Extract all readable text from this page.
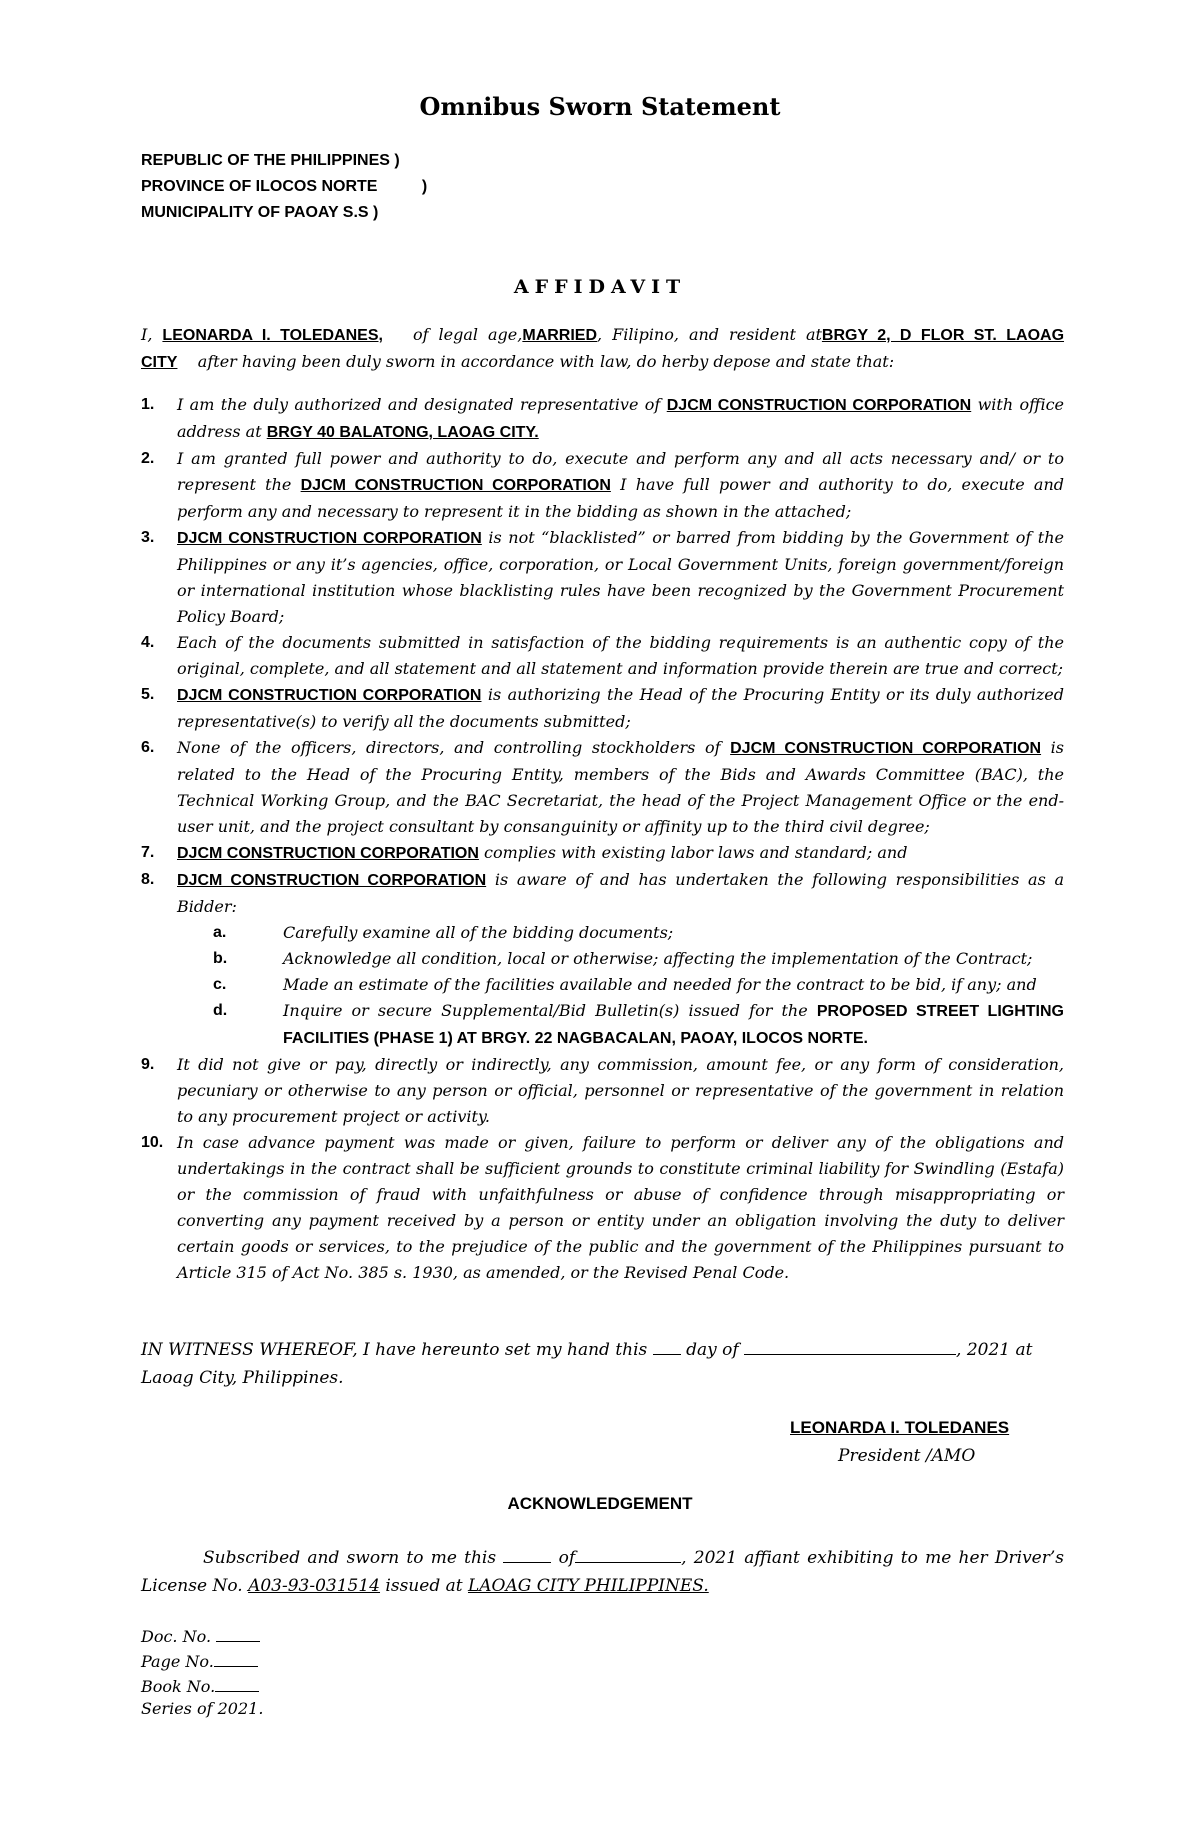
Omnibus Sworn Statement
REPUBLIC OF THE PHILIPPINES )
PROVINCE OF ILOCOS NORTE          )
MUNICIPALITY OF PAOAY S.S )
AFFIDAVIT
I, LEONARDA I. TOLEDANES, of legal age,MARRIED, Filipino, and resident atBRGY 2, D FLOR ST. LAOAG CITY after having been duly sworn in accordance with law, do herby depose and state that:
1. I am the duly authorized and designated representative of DJCM CONSTRUCTION CORPORATION with office address at BRGY 40 BALATONG, LAOAG CITY.
2. I am granted full power and authority to do, execute and perform any and all acts necessary and/ or to represent the DJCM CONSTRUCTION CORPORATION I have full power and authority to do, execute and perform any and necessary to represent it in the bidding as shown in the attached;
3. DJCM CONSTRUCTION CORPORATION is not “blacklisted” or barred from bidding by the Government of the Philippines or any it’s agencies, office, corporation, or Local Government Units, foreign government/foreign or international institution whose blacklisting rules have been recognized by the Government Procurement Policy Board;
4. Each of the documents submitted in satisfaction of the bidding requirements is an authentic copy of the original, complete, and all statement and all statement and information provide therein are true and correct;
5. DJCM CONSTRUCTION CORPORATION is authorizing the Head of the Procuring Entity or its duly authorized representative(s) to verify all the documents submitted;
6. None of the officers, directors, and controlling stockholders of DJCM CONSTRUCTION CORPORATION is related to the Head of the Procuring Entity, members of the Bids and Awards Committee (BAC), the Technical Working Group, and the BAC Secretariat, the head of the Project Management Office or the end-user unit, and the project consultant by consanguinity or affinity up to the third civil degree;
7. DJCM CONSTRUCTION CORPORATION complies with existing labor laws and standard; and
8. DJCM CONSTRUCTION CORPORATION is aware of and has undertaken the following responsibilities as a Bidder:
a.	Carefully examine all of the bidding documents;
b.	Acknowledge all condition, local or otherwise; affecting the implementation of the Contract;
c.	Made an estimate of the facilities available and needed for the contract to be bid, if any; and
d.	Inquire or secure Supplemental/Bid Bulletin(s) issued for the PROPOSED STREET LIGHTING FACILITIES (PHASE 1) AT BRGY. 22 NAGBACALAN, PAOAY, ILOCOS NORTE.
9. It did not give or pay, directly or indirectly, any commission, amount fee, or any form of consideration, pecuniary or otherwise to any person or official, personnel or representative of the government in relation to any procurement project or activity.
10. In case advance payment was made or given, failure to perform or deliver any of the obligations and undertakings in the contract shall be sufficient grounds to constitute criminal liability for Swindling (Estafa) or the commission of fraud with unfaithfulness or abuse of confidence through misappropriating or converting any payment received by a person or entity under an obligation involving the duty to deliver certain goods or services, to the prejudice of the public and the government of the Philippines pursuant to Article 315 of Act No. 385 s. 1930, as amended, or the Revised Penal Code.
IN WITNESS WHEREOF, I have hereunto set my hand this day of	, 2021 at Laoag City, Philippines.
LEONARDA I. TOLEDANES
President /AMO
ACKNOWLEDGEMENT
Subscribed and sworn to me this	of	, 2021 affiant exhibiting to me her Driver’s License No. A03-93-031514 issued at LAOAG CITY PHILIPPINES.
Doc. No.
Page No.
Book No.
Series of 2021.
